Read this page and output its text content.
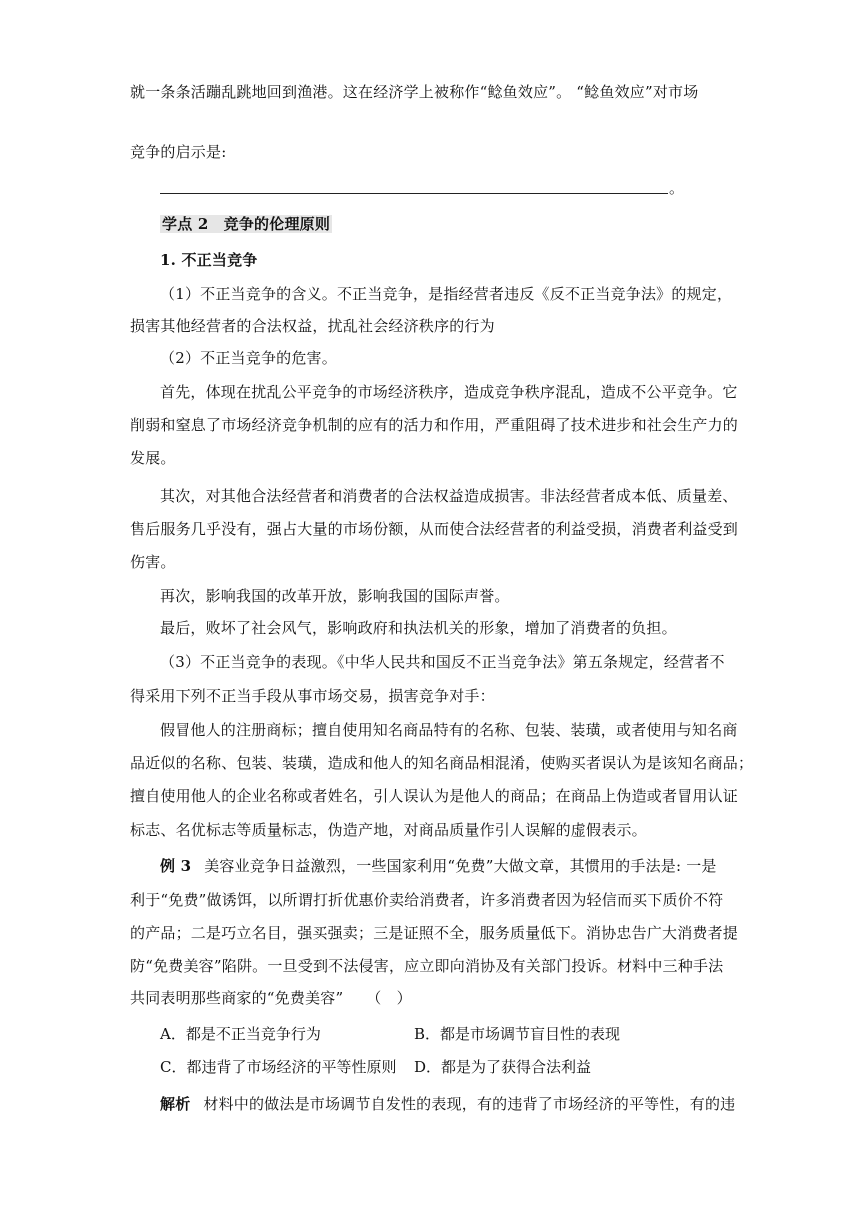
就一条条活蹦乱跳地回到渔港。这在经济学上被称作“鲶鱼效应”。 “鲶鱼效应”对市场
竞争的启示是:
。
学点 2　竞争的伦理原则
1. 不正当竞争
（1）不正当竞争的含义。不正当竞争，是指经营者违反《反不正当竞争法》的规定，
损害其他经营者的合法权益，扰乱社会经济秩序的行为
（2）不正当竞争的危害。
首先，体现在扰乱公平竞争的市场经济秩序，造成竞争秩序混乱，造成不公平竞争。它
削弱和窒息了市场经济竞争机制的应有的活力和作用，严重阻碍了技术进步和社会生产力的
发展。
其次，对其他合法经营者和消费者的合法权益造成损害。非法经营者成本低、质量差、
售后服务几乎没有，强占大量的市场份额，从而使合法经营者的利益受损，消费者利益受到
伤害。
再次，影响我国的改革开放，影响我国的国际声誉。
最后，败坏了社会风气，影响政府和执法机关的形象，增加了消费者的负担。
（3）不正当竞争的表现。《中华人民共和国反不正当竞争法》第五条规定，经营者不
得采用下列不正当手段从事市场交易，损害竞争对手：
假冒他人的注册商标；擅自使用知名商品特有的名称、包装、装璜，或者使用与知名商
品近似的名称、包装、装璜，造成和他人的知名商品相混淆，使购买者误认为是该知名商品；
擅自使用他人的企业名称或者姓名，引人误认为是他人的商品；在商品上伪造或者冒用认证
标志、名优标志等质量标志，伪造产地，对商品质量作引人误解的虚假表示。
例 3 美容业竞争日益激烈，一些国家利用“免费”大做文章，其惯用的手法是: 一是
利于“免费”做诱饵，以所谓打折优惠价卖给消费者，许多消费者因为轻信而买下质价不符
的产品；二是巧立名目，强买强卖；三是证照不全，服务质量低下。消协忠告广大消费者提
防“免费美容”陷阱。一旦受到不法侵害，应立即向消协及有关部门投诉。材料中三种手法
共同表明那些商家的“免费美容”　　（　）
A．都是不正当竞争行为	B．都是市场调节盲目性的表现
C．都违背了市场经济的平等性原则 D．都是为了获得合法利益
解析 材料中的做法是市场调节自发性的表现，有的违背了市场经济的平等性，有的违
